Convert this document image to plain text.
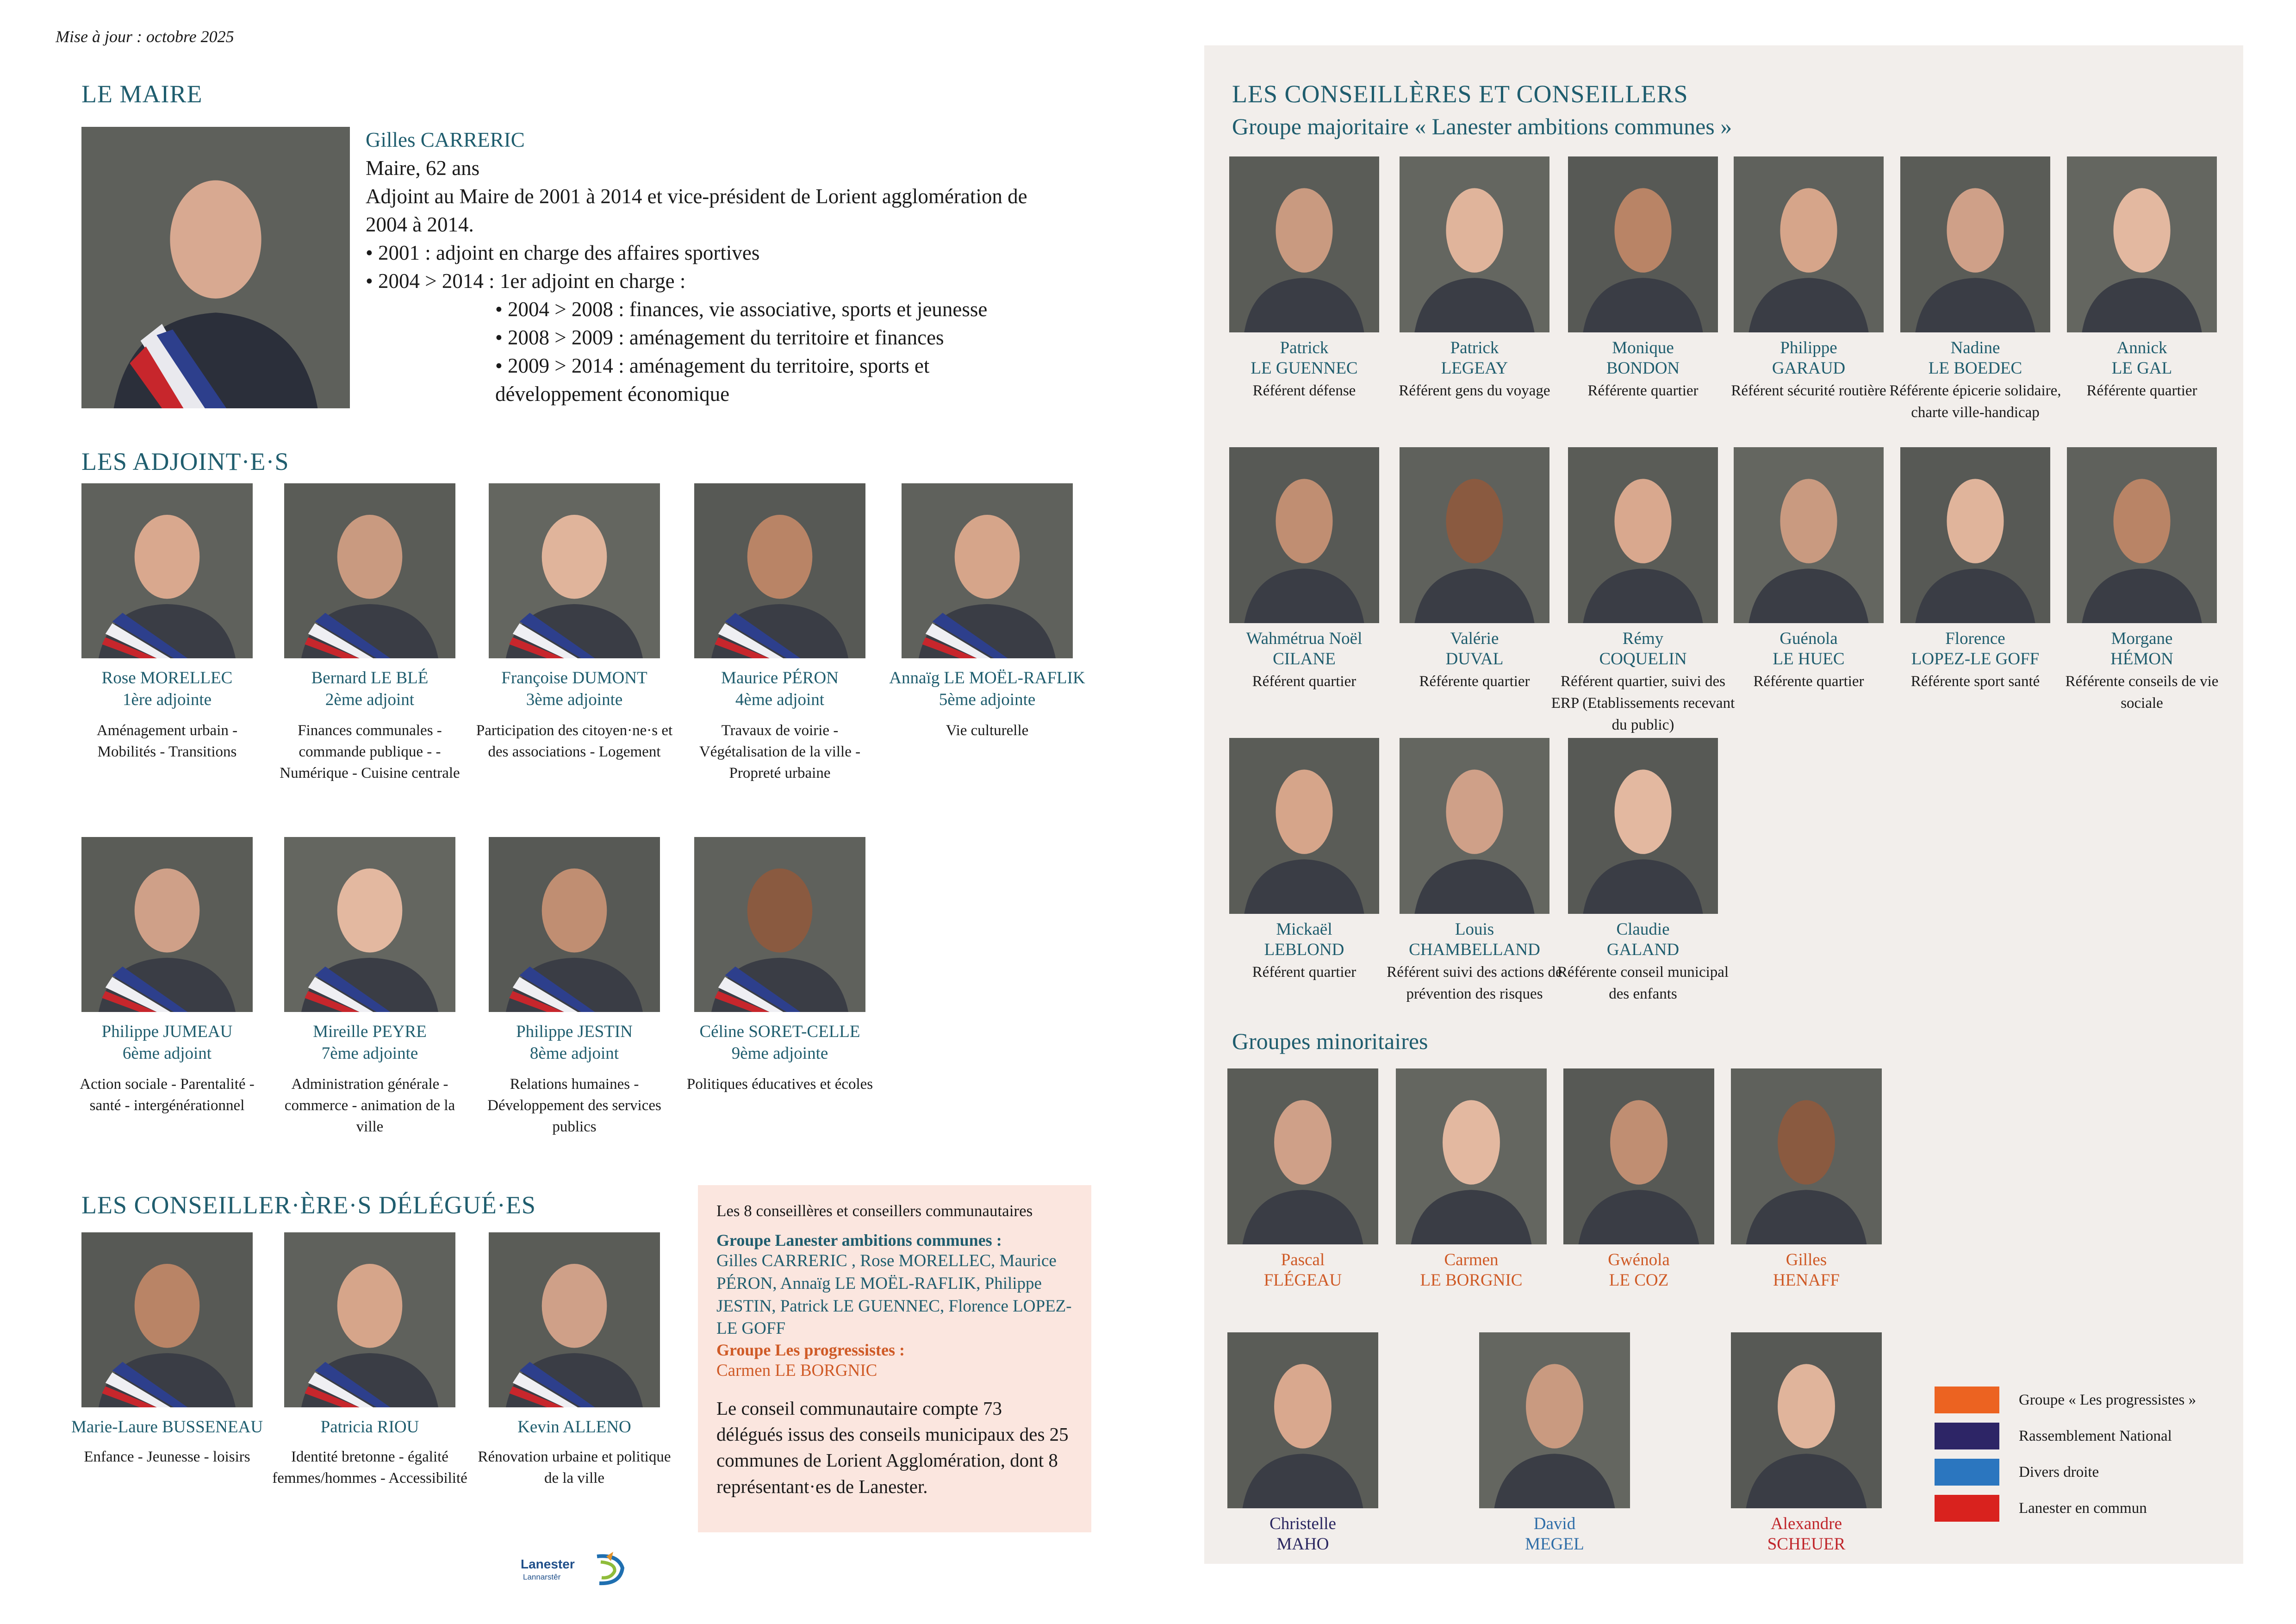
Mise à jour : octobre 2025
LE MAIRE
Gilles CARRERIC
Maire, 62 ans
Adjoint au Maire de 2001 à 2014 et vice-président de Lorient agglomération de 2004 à 2014.
• 2001 : adjoint en charge des affaires sportives
• 2004 > 2014 : 1er adjoint en charge :
• 2004 > 2008 : finances, vie associative, sports et jeunesse
• 2008 > 2009 : aménagement du territoire et finances
• 2009 > 2014 : aménagement du territoire, sports et développement économique
LES ADJOINT·E·S
Rose MORELLEC
1ère adjointe
Aménagement urbain - Mobilités - Transitions
Bernard LE BLÉ
2ème adjoint
Finances communales - commande publique - - Numérique - Cuisine centrale
Françoise DUMONT
3ème adjointe
Participation des citoyen·ne·s et des associations - Logement
Maurice PÉRON
4ème adjoint
Travaux de voirie - Végétalisation de la ville - Propreté urbaine
Annaïg LE MOËL-RAFLIK
5ème adjointe
Vie culturelle
Philippe JUMEAU
6ème adjoint
Action sociale - Parentalité - santé - intergénérationnel
Mireille PEYRE
7ème adjointe
Administration générale - commerce - animation de la ville
Philippe JESTIN
8ème adjoint
Relations humaines - Développement des services publics
Céline SORET-CELLE
9ème adjointe
Politiques éducatives et écoles
LES CONSEILLER·ÈRE·S DÉLÉGUÉ·ES
Marie-Laure BUSSENEAU
Enfance - Jeunesse - loisirs
Patricia RIOU
Identité bretonne - égalité femmes/hommes - Accessibilité
Kevin ALLENO
Rénovation urbaine et politique de la ville
Les 8 conseillères et conseillers communautaires
Groupe Lanester ambitions communes :
Gilles CARRERIC , Rose MORELLEC, Maurice PÉRON, Annaïg LE MOËL-RAFLIK, Philippe JESTIN, Patrick LE GUENNEC, Florence LOPEZ-LE GOFF
Groupe Les progressistes :
Carmen LE BORGNIC
Le conseil communautaire compte 73 délégués issus des conseils municipaux des 25 communes de Lorient Agglomération, dont 8 représentant·es de Lanester.
Lanester
Lannarstêr
LES CONSEILLÈRES ET CONSEILLERS
Groupe majoritaire « Lanester ambitions communes »
Patrick
LE GUENNEC
Référent défense
Patrick
LEGEAY
Référent gens du voyage
Monique
BONDON
Référente quartier
Philippe
GARAUD
Référent sécurité routière
Nadine
LE BOEDEC
Référente épicerie solidaire, charte ville-handicap
Annick
LE GAL
Référente quartier
Wahmétrua Noël
CILANE
Référent quartier
Valérie
DUVAL
Référente quartier
Rémy
COQUELIN
Référent quartier, suivi des ERP (Etablissements recevant du public)
Guénola
LE HUEC
Référente quartier
Florence
LOPEZ-LE GOFF
Référente sport santé
Morgane
HÉMON
Référente conseils de vie sociale
Mickaël
LEBLOND
Référent quartier
Louis
CHAMBELLAND
Référent suivi des actions de prévention des risques
Claudie
GALAND
Référente conseil municipal des enfants
Groupes minoritaires
Pascal
FLÉGEAU
Carmen
LE BORGNIC
Gwénola
LE COZ
Gilles
HENAFF
Christelle
MAHO
David
MEGEL
Alexandre
SCHEUER
Groupe « Les progressistes »
Rassemblement National
Divers droite
Lanester en commun
